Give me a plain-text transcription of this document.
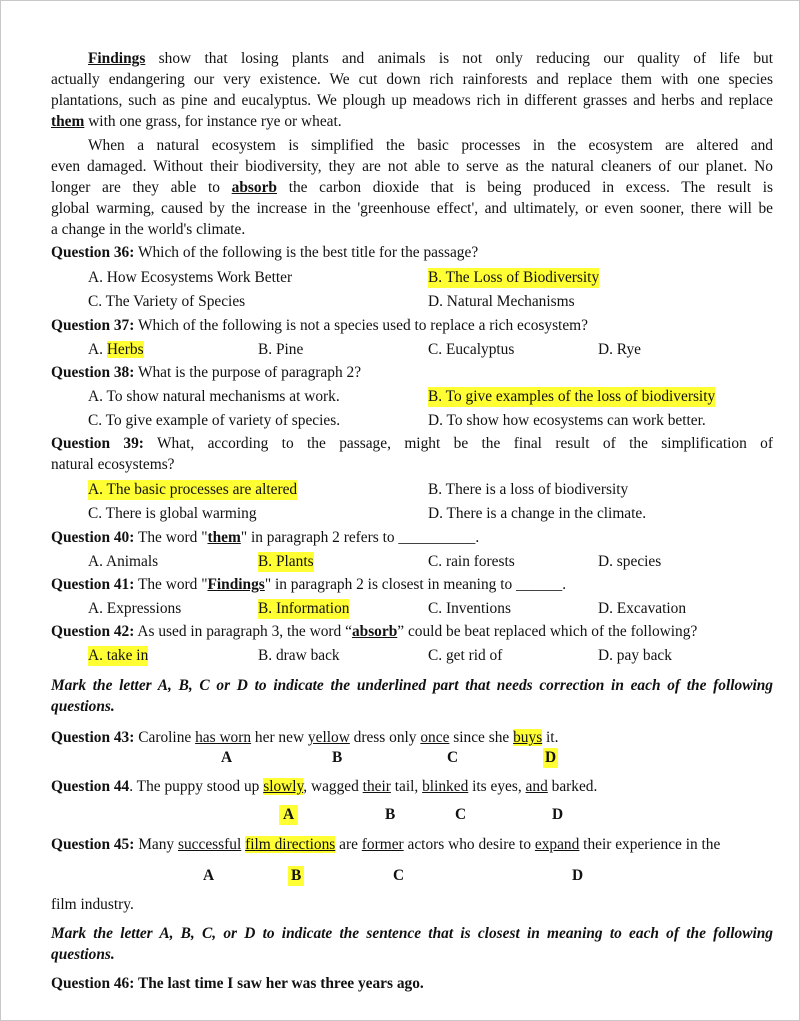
Findings show that losing plants and animals is not only reducing our quality of life but
actually endangering our very existence. We cut down rich rainforests and replace them with one species
plantations, such as pine and eucalyptus. We plough up meadows rich in different grasses and herbs and replace
them with one grass, for instance rye or wheat.
When a natural ecosystem is simplified the basic processes in the ecosystem are altered and
even damaged. Without their biodiversity, they are not able to serve as the natural cleaners of our planet. No
longer are they able to absorb the carbon dioxide that is being produced in excess. The result is
global warming, caused by the increase in the 'greenhouse effect', and ultimately, or even sooner, there will be
a change in the world's climate.
Question 36: Which of the following is the best title for the passage?
A. How Ecosystems Work Better	B. The Loss of Biodiversity
C. The Variety of Species	D. Natural Mechanisms
Question 37: Which of the following is not a species used to replace a rich ecosystem?
A. Herbs	B. Pine	C. Eucalyptus	D. Rye
Question 38: What is the purpose of paragraph 2?
A. To show natural mechanisms at work.	B. To give examples of the loss of biodiversity
C. To give example of variety of species.	D. To show how ecosystems can work better.
Question 39: What, according to the passage, might be the final result of the simplification of
natural ecosystems?
A. The basic processes are altered	B. There is a loss of biodiversity
C. There is global warming	D. There is a change in the climate.
Question 40: The word "them" in paragraph 2 refers to __________.
A. Animals	B. Plants	C. rain forests	D. species
Question 41: The word "Findings" in paragraph 2 is closest in meaning to ______.
A. Expressions	B. Information	C. Inventions	D. Excavation
Question 42: As used in paragraph 3, the word “absorb” could be beat replaced which of the following?
A. take in	B. draw back	C. get rid of	D. pay back
Mark the letter A, B, C or D to indicate the underlined part that needs correction in each of the following
questions.
Question 43: Caroline has worn her new yellow dress only once since she buys it.
A	B	C	D
Question 44. The puppy stood up slowly, wagged their tail, blinked its eyes, and barked.
A	B	C	D
Question 45: Many successful film directions are former actors who desire to expand their experience in the
A	B	C	D
film industry.
Mark the letter A, B, C, or D to indicate the sentence that is closest in meaning to each of the following
questions.
Question 46: The last time I saw her was three years ago.
